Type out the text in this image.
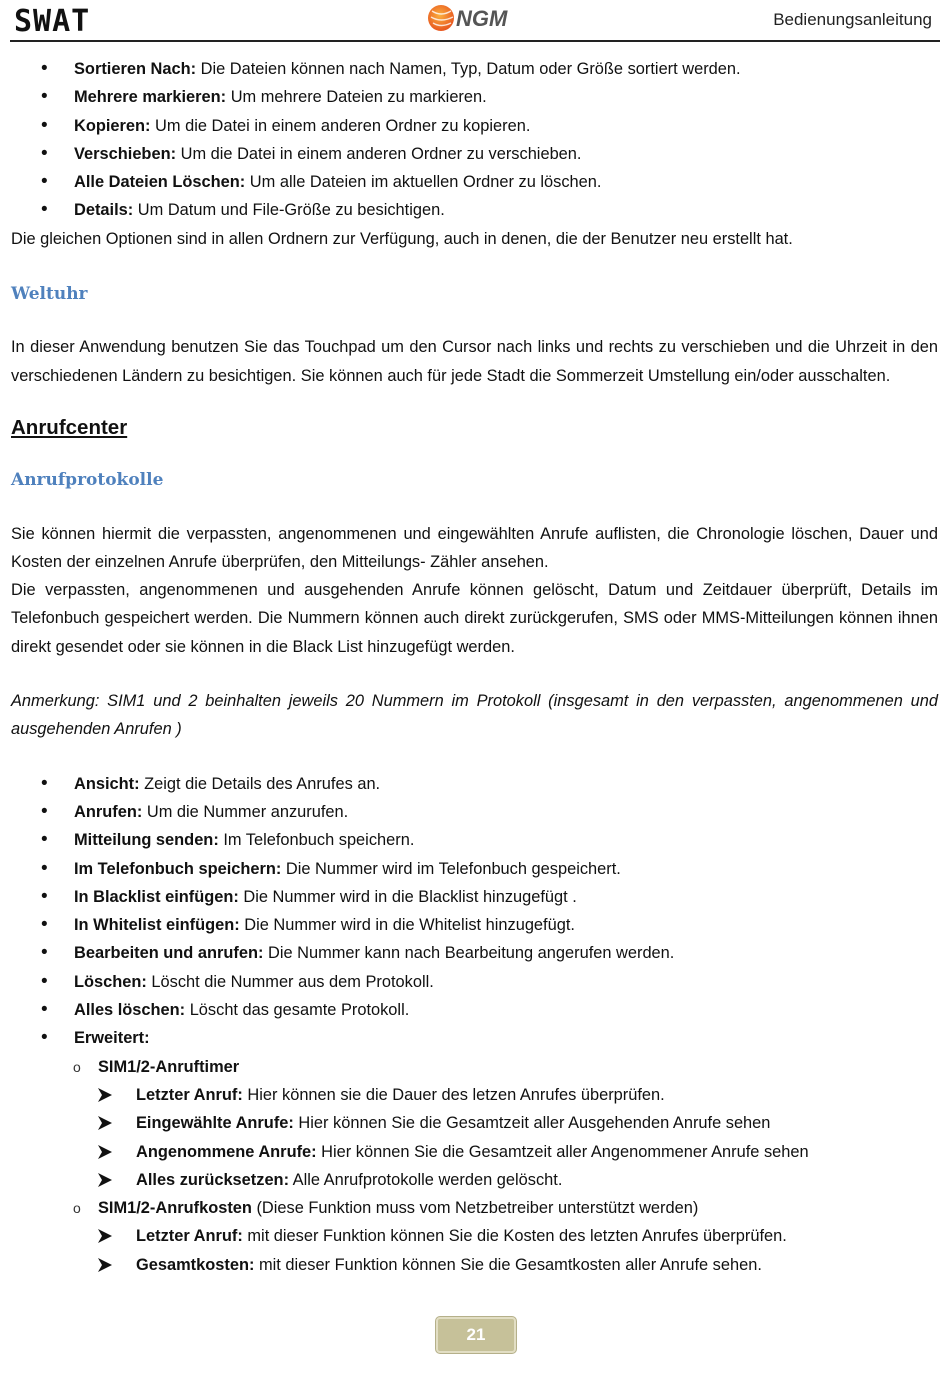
SWAT	NGM	Bedienungsanleitung
• Sortieren Nach: Die Dateien können nach Namen, Typ, Datum oder Größe sortiert werden.
• Mehrere markieren: Um mehrere Dateien zu markieren.
• Kopieren: Um die Datei in einem anderen Ordner zu kopieren.
• Verschieben: Um die Datei in einem anderen Ordner zu verschieben.
• Alle Dateien Löschen: Um alle Dateien im aktuellen Ordner zu löschen.
• Details: Um Datum und File-Größe zu besichtigen.

Die gleichen Optionen sind in allen Ordnern zur Verfügung, auch in denen, die der Benutzer neu erstellt hat.

Weltuhr

In dieser Anwendung benutzen Sie das Touchpad um den Cursor nach links und rechts zu verschieben und die Uhrzeit in den verschiedenen Ländern zu besichtigen. Sie können auch für jede Stadt die Sommerzeit Umstellung ein/oder ausschalten.

Anrufcenter

Anrufprotokolle

Sie können hiermit die verpassten, angenommenen und eingewählten Anrufe auflisten, die Chronologie löschen, Dauer und Kosten der einzelnen Anrufe überprüfen, den Mitteilungs- Zähler ansehen.

Die verpassten, angenommenen und ausgehenden Anrufe können gelöscht, Datum und Zeitdauer überprüft, Details im Telefonbuch gespeichert werden. Die Nummern können auch direkt zurückgerufen, SMS oder MMS-Mitteilungen können ihnen direkt gesendet oder sie können in die Black List hinzugefügt werden.

Anmerkung: SIM1 und 2 beinhalten jeweils 20 Nummern im Protokoll (insgesamt in den verpassten, angenommenen und ausgehenden Anrufen )

• Ansicht: Zeigt die Details des Anrufes an.
• Anrufen: Um die Nummer anzurufen.
• Mitteilung senden: Im Telefonbuch speichern.
• Im Telefonbuch speichern: Die Nummer wird im Telefonbuch gespeichert.
• In Blacklist einfügen: Die Nummer wird in die Blacklist hinzugefügt .
• In Whitelist einfügen: Die Nummer wird in die Whitelist hinzugefügt.
• Bearbeiten und anrufen: Die Nummer kann nach Bearbeitung angerufen werden.
• Löschen: Löscht die Nummer aus dem Protokoll.
• Alles löschen: Löscht das gesamte Protokoll.
• Erweitert:
o SIM1/2-Anruftimer
Letzter Anruf: Hier können sie die Dauer des letzen Anrufes überprüfen.
Eingewählte Anrufe: Hier können Sie die Gesamtzeit aller Ausgehenden Anrufe sehen
Angenommene Anrufe: Hier können Sie die Gesamtzeit aller Angenommener Anrufe sehen
Alles zurücksetzen: Alle Anrufprotokolle werden gelöscht.
o SIM1/2-Anrufkosten (Diese Funktion muss vom Netzbetreiber unterstützt werden)
Letzter Anruf: mit dieser Funktion können Sie die Kosten des letzten Anrufes überprüfen.
Gesamtkosten: mit dieser Funktion können Sie die Gesamtkosten aller Anrufe sehen.
21
